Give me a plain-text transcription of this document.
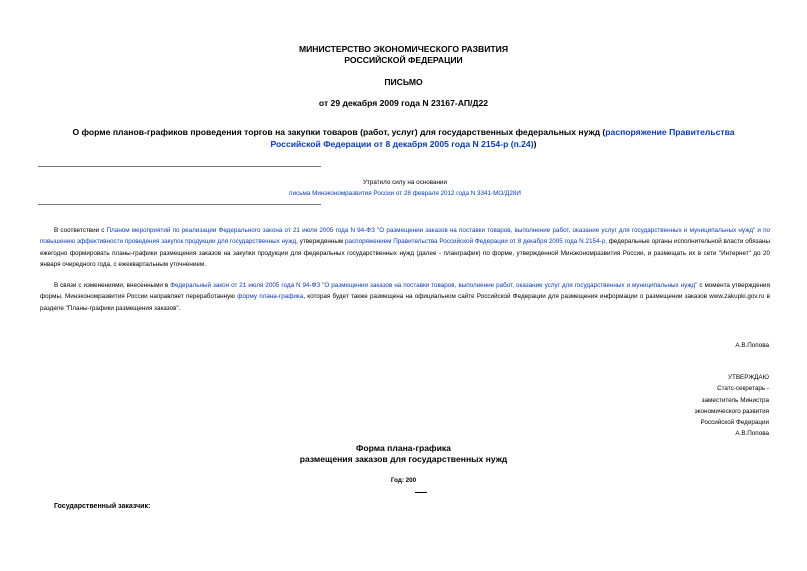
МИНИСТЕРСТВО ЭКОНОМИЧЕСКОГО РАЗВИТИЯ
РОССИЙСКОЙ ФЕДЕРАЦИИ
ПИСЬМО
от 29 декабря 2009 года N 23167-АП/Д22
О форме планов-графиков проведения торгов на закупки товаров (работ, услуг) для государственных федеральных нужд (распоряжение Правительства
Российской Федерации от 8 декабря 2005 года N 2154-р (п.24))
Утратило силу на основании
письма Минэкономразвития России от 28 февраля 2012 года N 3341-МО/Д28И
В соответствии с Планом мероприятий по реализации Федерального закона от 21 июля 2005 года N 94-ФЗ "О размещении заказов на поставки товаров, выполнение работ, оказание услуг для государственных и муниципальных нужд" и по повышению эффективности проведения закупок продукции для государственных нужд, утвержденным распоряжением Правительства Российской Федерации от 8 декабря 2005 года N 2154-р, федеральные органы исполнительной власти обязаны ежегодно формировать планы-графики размещения заказов на закупки продукции для федеральных государственных нужд (далее - планграфик) по форме, утвержденной Минэкономразвития России, и размещать их в сети "Интернет" до 20 января очередного года, с ежеквартальным уточнением.
В связи с изменениями, внесенными в Федеральный закон от 21 июля 2005 года N 94-ФЗ "О размещении заказов на поставки товаров, выполнение работ, оказание услуг для государственных и муниципальных нужд" с момента утверждения формы, Минэкономразвития России направляет переработанную форму плана-графика, которая будет также размещена на официальном сайте Российской Федерации для размещения информации о размещении заказов www.zakupki.gov.ru в разделе "Планы-графики размещения заказов".
А.В.Попова
УТВЕРЖДАЮ
Статс-секретарь -
заместитель Министра
экономического развития
Российской Федерации
А.В.Попова
Форма плана-графика
размещения заказов для государственных нужд
Год: 200
Государственный заказчик:
